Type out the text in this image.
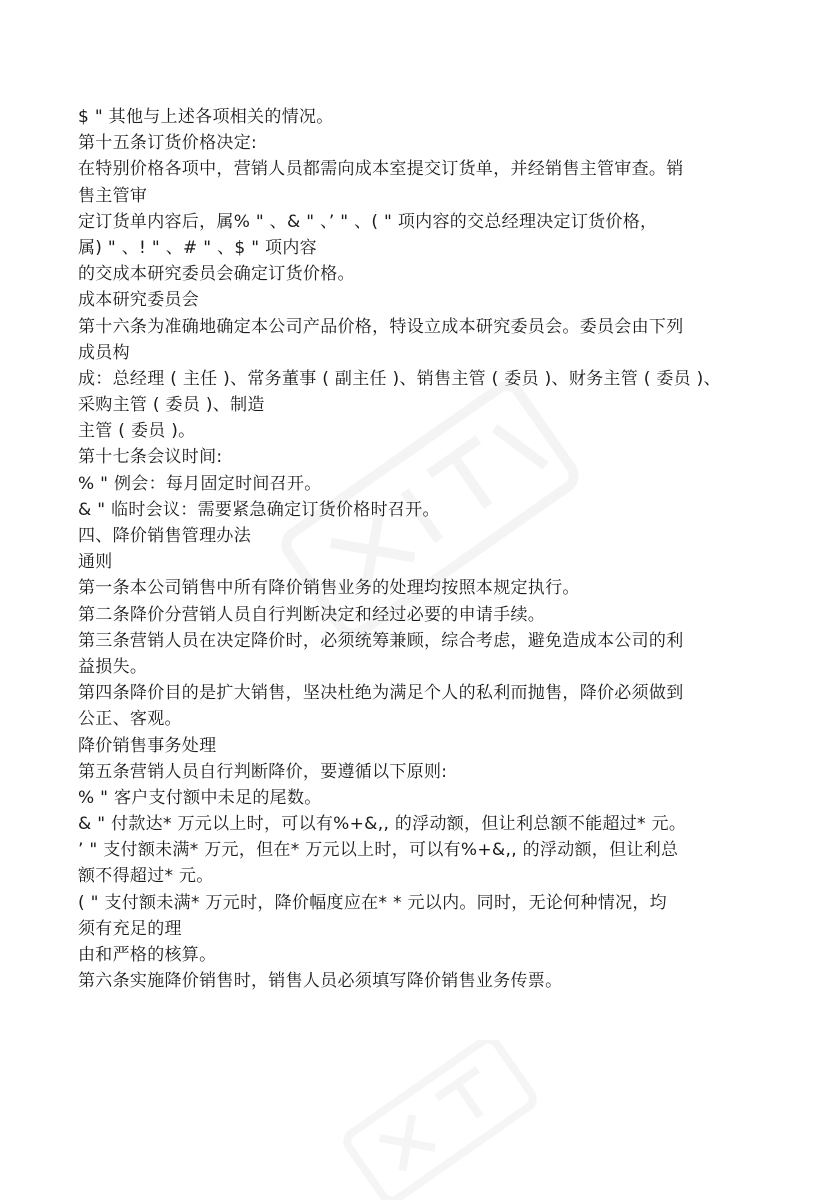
$ " 其他与上述各项相关的情况。
第十五条订货价格决定:
在特别价格各项中，营销人员都需向成本室提交订货单，并经销售主管审查。销
售主管审
定订货单内容后，属% " 、& " 、’ " 、( " 项内容的交总经理决定订货价格，
属) " 、! " 、# " 、$ " 项内容
的交成本研究委员会确定订货价格。
成本研究委员会
第十六条为准确地确定本公司产品价格，特设立成本研究委员会。委员会由下列
成员构
成：总经理 ( 主任 )、常务董事 ( 副主任 )、销售主管 ( 委员 )、财务主管 ( 委员 )、
采购主管 ( 委员 )、制造
主管 ( 委员 )。
第十七条会议时间:
% " 例会：每月固定时间召开。
& " 临时会议：需要紧急确定订货价格时召开。
四、降价销售管理办法
通则
第一条本公司销售中所有降价销售业务的处理均按照本规定执行。
第二条降价分营销人员自行判断决定和经过必要的申请手续。
第三条营销人员在决定降价时，必须统筹兼顾，综合考虑，避免造成本公司的利
益损失。
第四条降价目的是扩大销售，坚决杜绝为满足个人的私利而抛售，降价必须做到
公正、客观。
降价销售事务处理
第五条营销人员自行判断降价，要遵循以下原则:
% " 客户支付额中未足的尾数。
& " 付款达* 万元以上时，可以有%+&,, 的浮动额，但让利总额不能超过* 元。
’ " 支付额未满* 万元，但在* 万元以上时，可以有%+&,, 的浮动额，但让利总
额不得超过* 元。
( " 支付额未满* 万元时，降价幅度应在* * 元以内。同时，无论何种情况，均
须有充足的理
由和严格的核算。
第六条实施降价销售时，销售人员必须填写降价销售业务传票。
